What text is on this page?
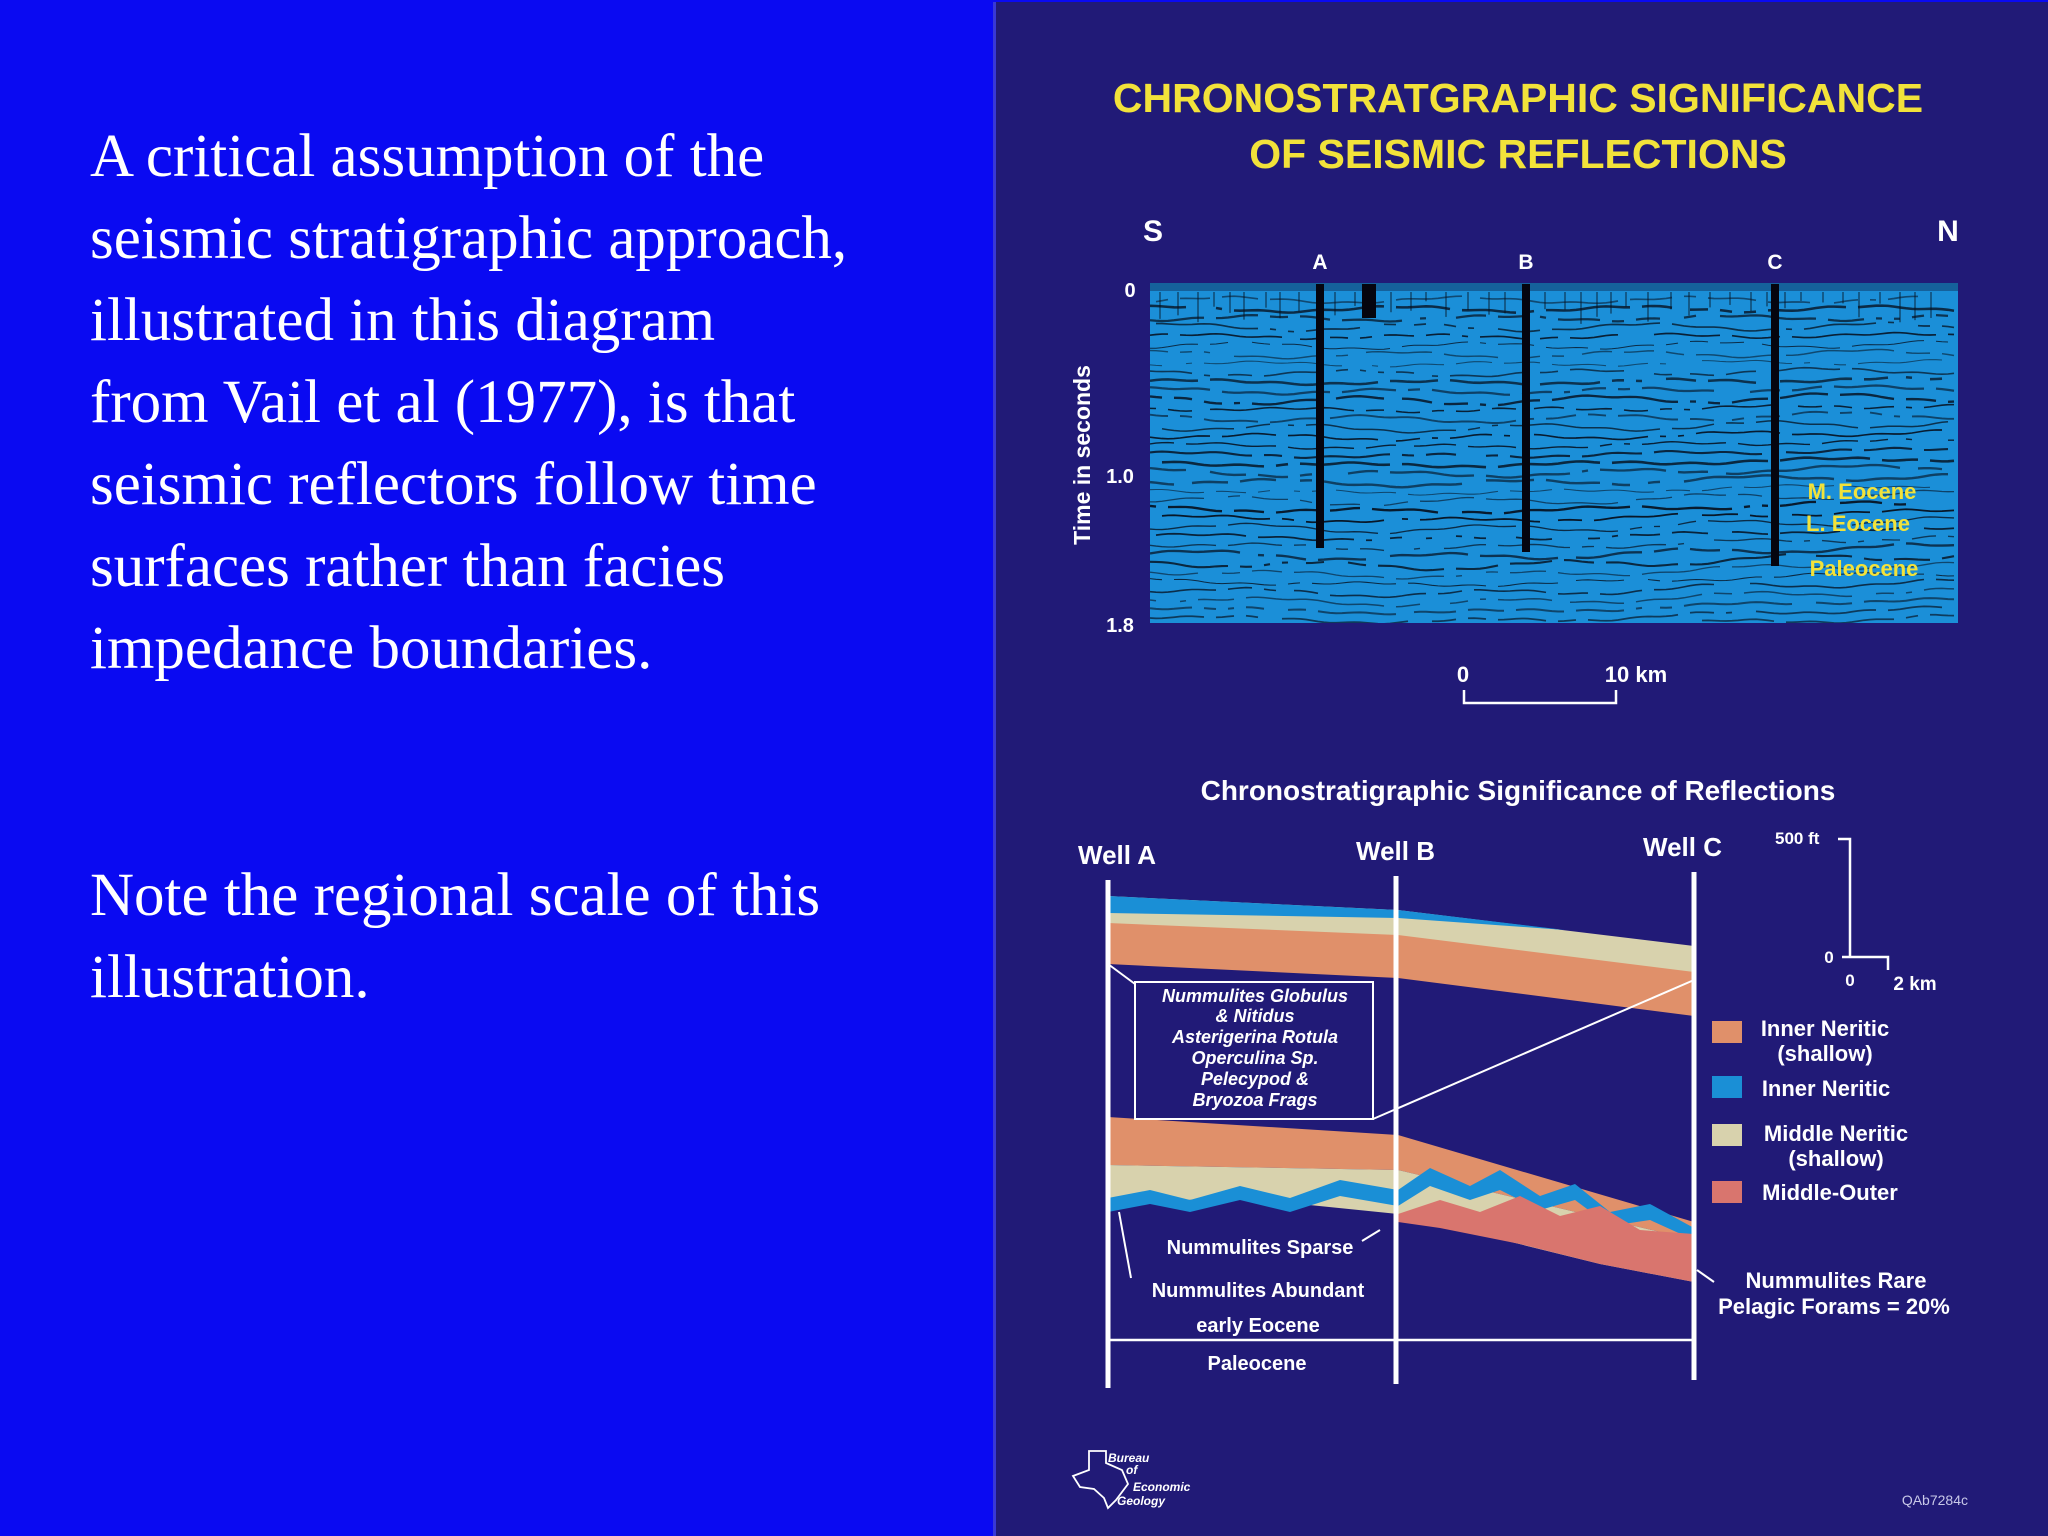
A critical assumption of the
seismic stratigraphic approach,
illustrated in this diagram
from Vail et al (1977), is that
seismic reflectors follow time
surfaces rather than facies
impedance boundaries.

Note the regional scale of this
illustration.

CHRONOSTRATGRAPHIC SIGNIFICANCE
OF SEISMIC REFLECTIONS
S	N
A	B	C
0
1.0
1.8
Time in seconds	M. Eocene
L. Eocene
Paleocene
0	10 km
Chronostratigraphic Significance of Reflections
Well A	Well B	Well C	500 ft
0
0 2 km
Nummulites Globulus
& Nitidus
Asterigerina Rotula
Operculina Sp.
Pelecypod &
Bryozoa Frags
Nummulites Sparse
Nummulites Abundant
early Eocene
Paleocene
Nummulites Rare
Pelagic Forams = 20%
Inner Neritic
(shallow)
Inner Neritic
Middle Neritic
(shallow)
Middle-Outer
Bureau
of
Economic
Geology	QAb7284c
